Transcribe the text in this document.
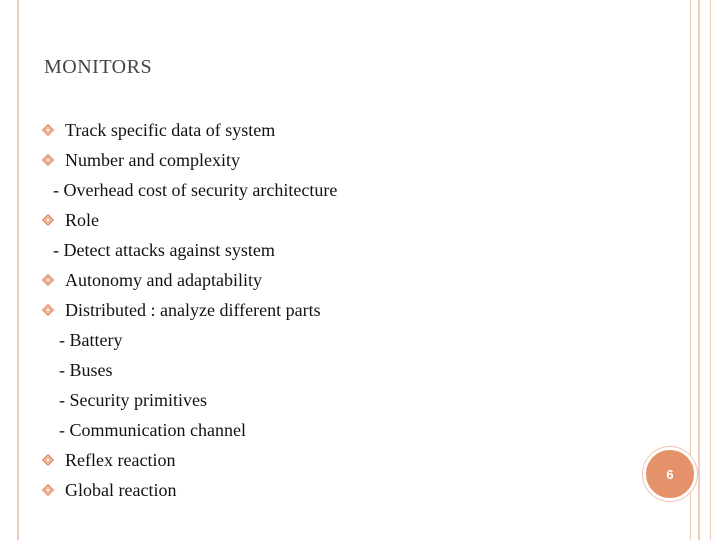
MONITORS
Track specific data of system
Number and complexity
- Overhead cost of security architecture
Role
- Detect attacks against system
Autonomy and adaptability
Distributed : analyze different parts
- Battery
- Buses
- Security primitives
- Communication channel
Reflex reaction
Global reaction
6
